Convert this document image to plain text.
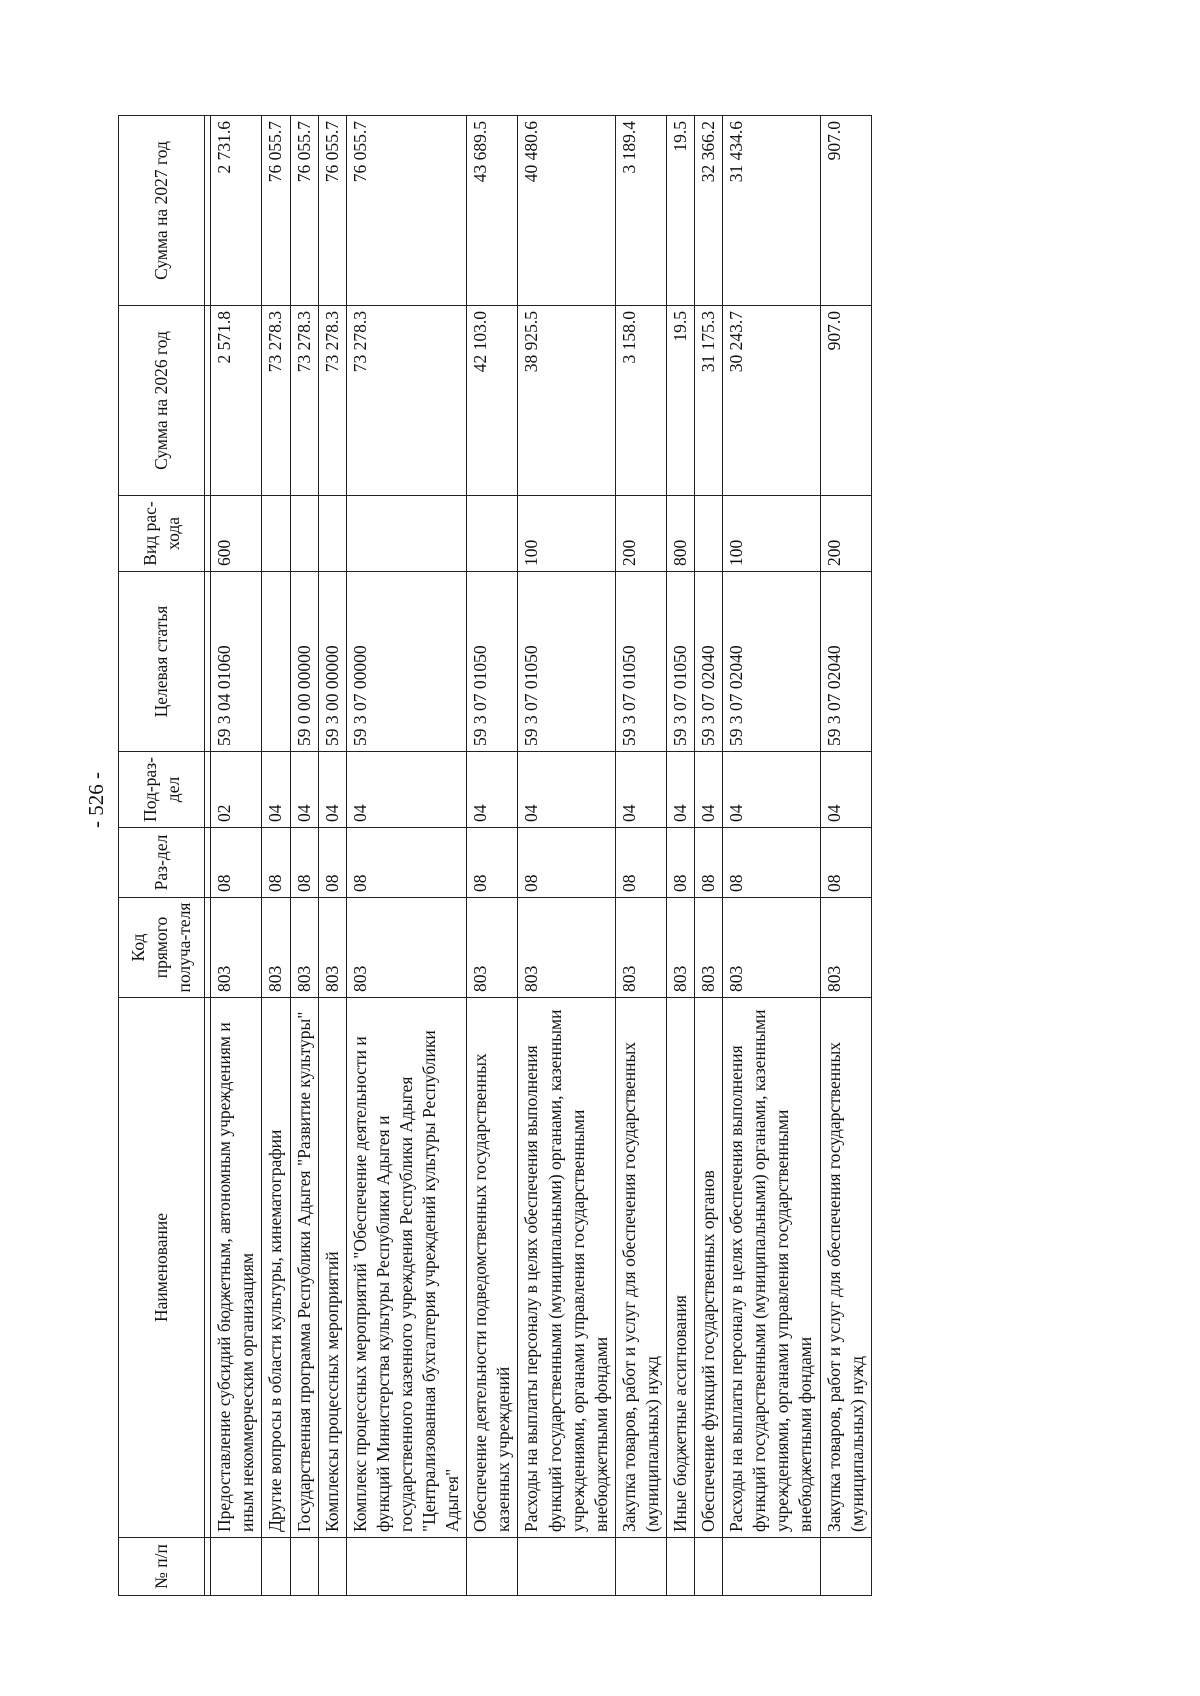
- 526 -
№ п/п	Наименование	Код прямого получа-теля	Раз-дел	Под-раз-дел	Целевая статья	Вид рас-хода	Сумма на 2026 год	Сумма на 2027 год

	Предоставление субсидий бюджетным, автономным учреждениям и иным некоммерческим организациям	803	08	02	59 3 04 01060	600	2 571.8	2 731.6
	Другие вопросы в области культуры, кинематографии	803	08	04			73 278.3	76 055.7
	Государственная программа Республики Адыгея "Развитие культуры"	803	08	04	59 0 00 00000		73 278.3	76 055.7
	Комплексы процессных мероприятий	803	08	04	59 3 00 00000		73 278.3	76 055.7
	Комплекс процессных мероприятий "Обеспечение деятельности и функций Министерства культуры Республики Адыгея и государственного казенного учреждения Республики Адыгея "Централизованная бухгалтерия учреждений культуры Республики Адыгея"	803	08	04	59 3 07 00000		73 278.3	76 055.7
	Обеспечение деятельности подведомственных государственных казенных учреждений	803	08	04	59 3 07 01050		42 103.0	43 689.5
	Расходы на выплаты персоналу в целях обеспечения выполнения функций государственными (муниципальными) органами, казенными учреждениями, органами управления государственными внебюджетными фондами	803	08	04	59 3 07 01050	100	38 925.5	40 480.6
	Закупка товаров, работ и услуг для обеспечения государственных (муниципальных) нужд	803	08	04	59 3 07 01050	200	3 158.0	3 189.4
	Иные бюджетные ассигнования	803	08	04	59 3 07 01050	800	19.5	19.5
	Обеспечение функций государственных органов	803	08	04	59 3 07 02040		31 175.3	32 366.2
	Расходы на выплаты персоналу в целях обеспечения выполнения функций государственными (муниципальными) органами, казенными учреждениями, органами управления государственными внебюджетными фондами	803	08	04	59 3 07 02040	100	30 243.7	31 434.6
	Закупка товаров, работ и услуг для обеспечения государственных (муниципальных) нужд	803	08	04	59 3 07 02040	200	907.0	907.0
